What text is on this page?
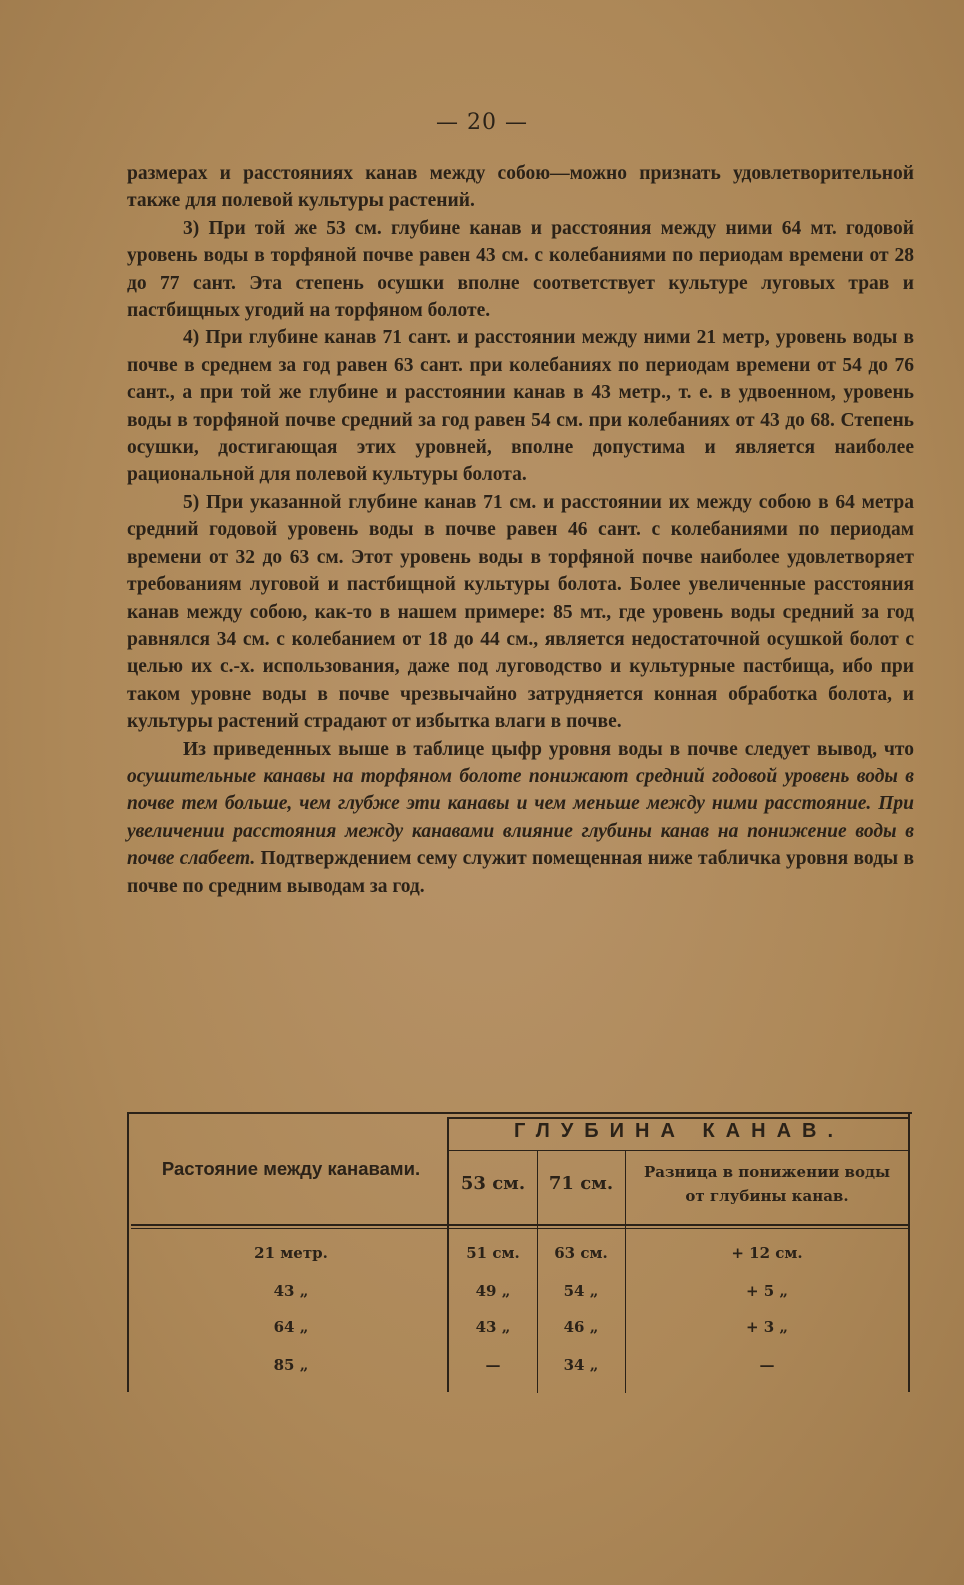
— 20 —

размерах и расстояниях канав между собою—можно признать удовлетворительной также для полевой культуры растений.

3) При той же 53 см. глубине канав и расстояния между ними 64 мт. годовой уровень воды в торфяной почве равен 43 см. с колебаниями по периодам времени от 28 до 77 сант. Эта степень осушки вполне соответствует культуре луговых трав и пастбищных угодий на торфяном болоте.

4) При глубине канав 71 сант. и расстоянии между ними 21 метр, уровень воды в почве в среднем за год равен 63 сант. при колебаниях по периодам времени от 54 до 76 сант., а при той же глубине и расстоянии канав в 43 метр., т. е. в удвоенном, уровень воды в торфяной почве средний за год равен 54 см. при колебаниях от 43 до 68. Степень осушки, достигающая этих уровней, вполне допустима и является наиболее рациональной для полевой культуры болота.

5) При указанной глубине канав 71 см. и расстоянии их между собою в 64 метра средний годовой уровень воды в почве равен 46 сант. с колебаниями по периодам времени от 32 до 63 см. Этот уровень воды в торфяной почве наиболее удовлетворяет требованиям луговой и пастбищной культуры болота. Более увеличенные расстояния канав между собою, как-то в нашем примере: 85 мт., где уровень воды средний за год равнялся 34 см. с колебанием от 18 до 44 см., является недостаточной осушкой болот с целью их с.-х. использования, даже под луговодство и культурные пастбища, ибо при таком уровне воды в почве чрезвычайно затрудняется конная обработка болота, и культуры растений страдают от избытка влаги в почве.

Из приведенных выше в таблице цыфр уровня воды в почве следует вывод, что осушительные канавы на торфяном болоте понижают средний годовой уровень воды в почве тем больше, чем глубже эти канавы и чем меньше между ними расстояние. При увеличении расстояния между канавами влияние глубины канав на понижение воды в почве слабеет. Подтверждением сему служит помещенная ниже табличка уровня воды в почве по средним выводам за год.

Растояние между канавами.
ГЛУБИНА КАНАВ.
53 см.	71 см.
Разница в понижении воды от глубины канав.
21 метр.	51 см.	63 см.	+ 12 см.
43 „	49 „	54 „	+ 5 „
64 „	43 „	46 „	+ 3 „
85 „	—	34 „	—
